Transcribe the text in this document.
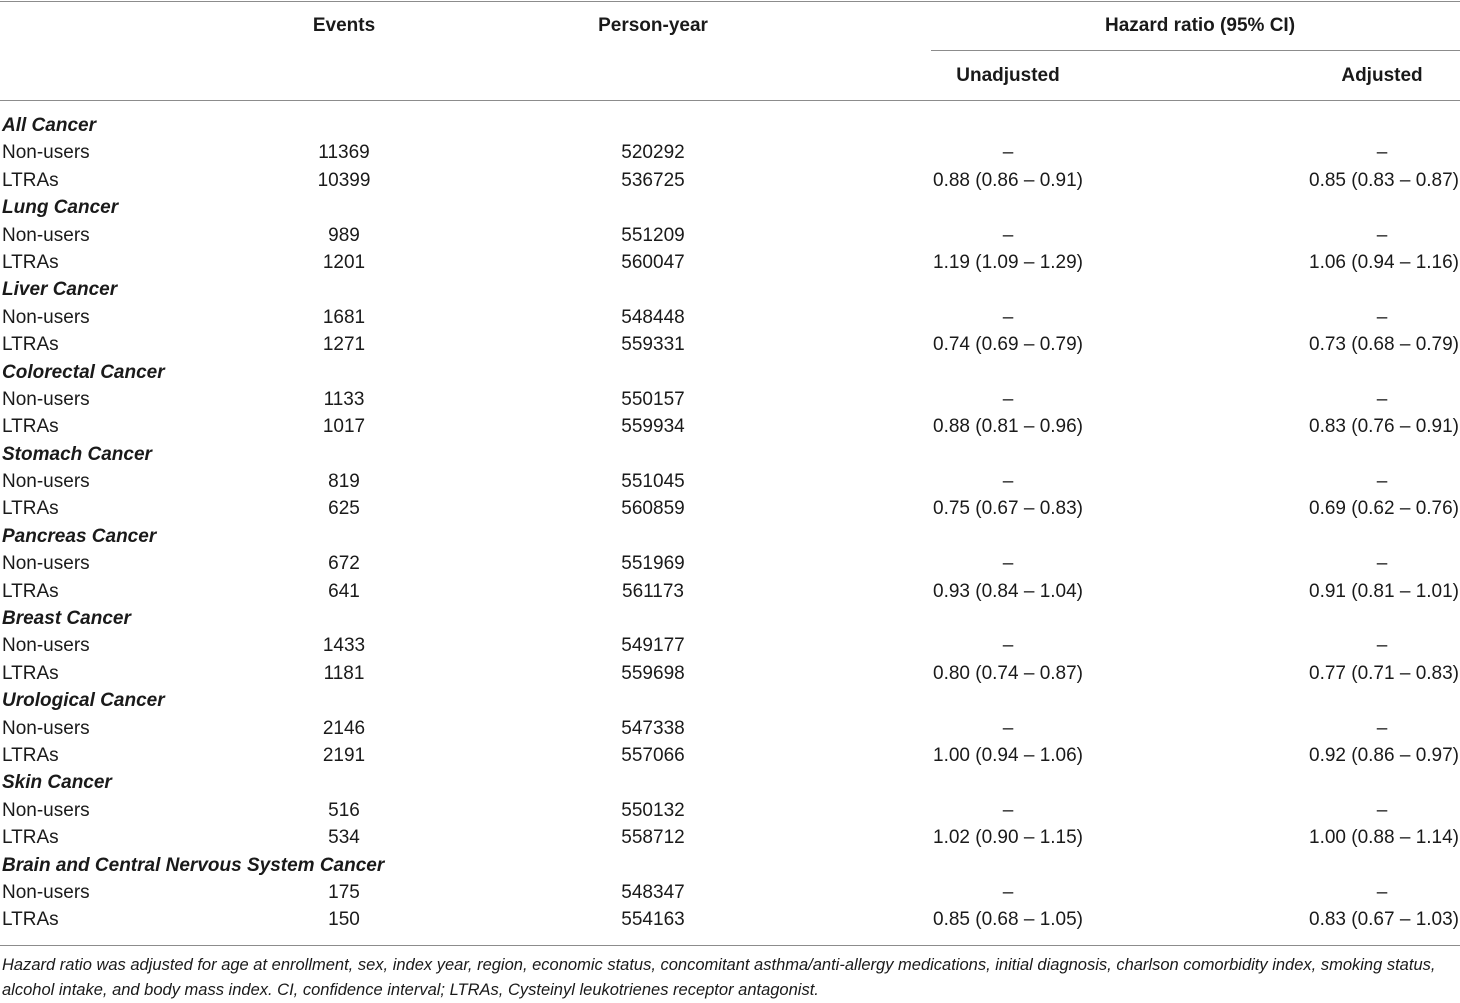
Events	Person-year	Hazard ratio (95% CI)
Unadjusted	Adjusted
All Cancer
Non-users	11369	520292	–	–
LTRAs	10399	536725	0.88 (0.86 – 0.91)	0.85 (0.83 – 0.87)
Lung Cancer
Non-users	989	551209	–	–
LTRAs	1201	560047	1.19 (1.09 – 1.29)	1.06 (0.94 – 1.16)
Liver Cancer
Non-users	1681	548448	–	–
LTRAs	1271	559331	0.74 (0.69 – 0.79)	0.73 (0.68 – 0.79)
Colorectal Cancer
Non-users	1133	550157	–	–
LTRAs	1017	559934	0.88 (0.81 – 0.96)	0.83 (0.76 – 0.91)
Stomach Cancer
Non-users	819	551045	–	–
LTRAs	625	560859	0.75 (0.67 – 0.83)	0.69 (0.62 – 0.76)
Pancreas Cancer
Non-users	672	551969	–	–
LTRAs	641	561173	0.93 (0.84 – 1.04)	0.91 (0.81 – 1.01)
Breast Cancer
Non-users	1433	549177	–	–
LTRAs	1181	559698	0.80 (0.74 – 0.87)	0.77 (0.71 – 0.83)
Urological Cancer
Non-users	2146	547338	–	–
LTRAs	2191	557066	1.00 (0.94 – 1.06)	0.92 (0.86 – 0.97)
Skin Cancer
Non-users	516	550132	–	–
LTRAs	534	558712	1.02 (0.90 – 1.15)	1.00 (0.88 – 1.14)
Brain and Central Nervous System Cancer
Non-users	175	548347	–	–
LTRAs	150	554163	0.85 (0.68 – 1.05)	0.83 (0.67 – 1.03)
Hazard ratio was adjusted for age at enrollment, sex, index year, region, economic status, concomitant asthma/anti-allergy medications, initial diagnosis, charlson comorbidity index, smoking status, alcohol intake, and body mass index. CI, confidence interval; LTRAs, Cysteinyl leukotrienes receptor antagonist.
